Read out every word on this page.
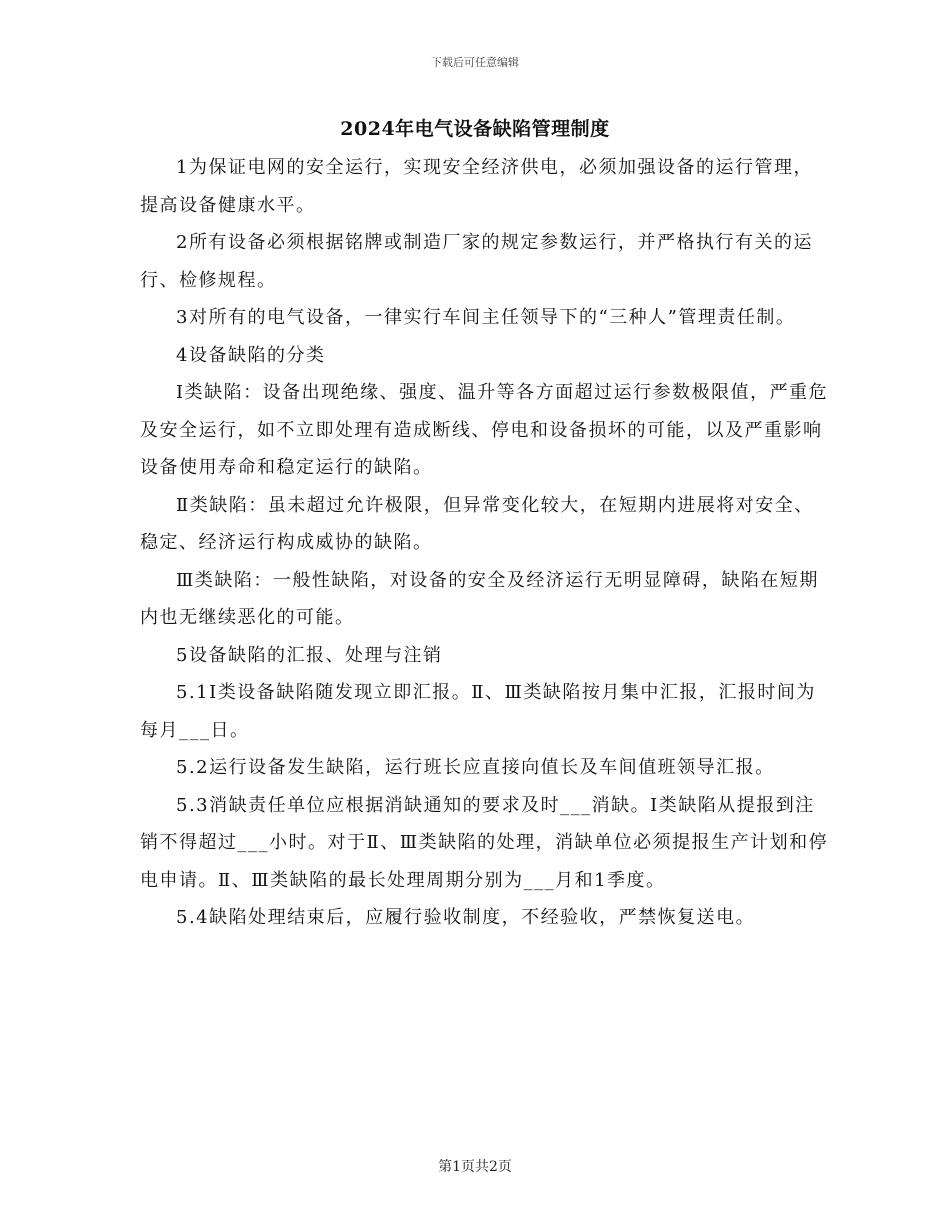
下载后可任意编辑
2024年电气设备缺陷管理制度

1为保证电网的安全运行，实现安全经济供电，必须加强设备的运行管理，提高设备健康水平。

2所有设备必须根据铭牌或制造厂家的规定参数运行，并严格执行有关的运行、检修规程。

3对所有的电气设备，一律实行车间主任领导下的“三种人”管理责任制。

4设备缺陷的分类

Ⅰ类缺陷：设备出现绝缘、强度、温升等各方面超过运行参数极限值，严重危及安全运行，如不立即处理有造成断线、停电和设备损坏的可能，以及严重影响设备使用寿命和稳定运行的缺陷。

Ⅱ类缺陷：虽未超过允许极限，但异常变化较大，在短期内进展将对安全、稳定、经济运行构成威协的缺陷。

Ⅲ类缺陷：一般性缺陷，对设备的安全及经济运行无明显障碍，缺陷在短期内也无继续恶化的可能。

5设备缺陷的汇报、处理与注销

5.1Ⅰ类设备缺陷随发现立即汇报。Ⅱ、Ⅲ类缺陷按月集中汇报，汇报时间为每月___日。

5.2运行设备发生缺陷，运行班长应直接向值长及车间值班领导汇报。

5.3消缺责任单位应根据消缺通知的要求及时___消缺。Ⅰ类缺陷从提报到注销不得超过___小时。对于Ⅱ、Ⅲ类缺陷的处理，消缺单位必须提报生产计划和停电申请。Ⅱ、Ⅲ类缺陷的最长处理周期分别为___月和1季度。

5.4缺陷处理结束后，应履行验收制度，不经验收，严禁恢复送电。

第1页共2页
